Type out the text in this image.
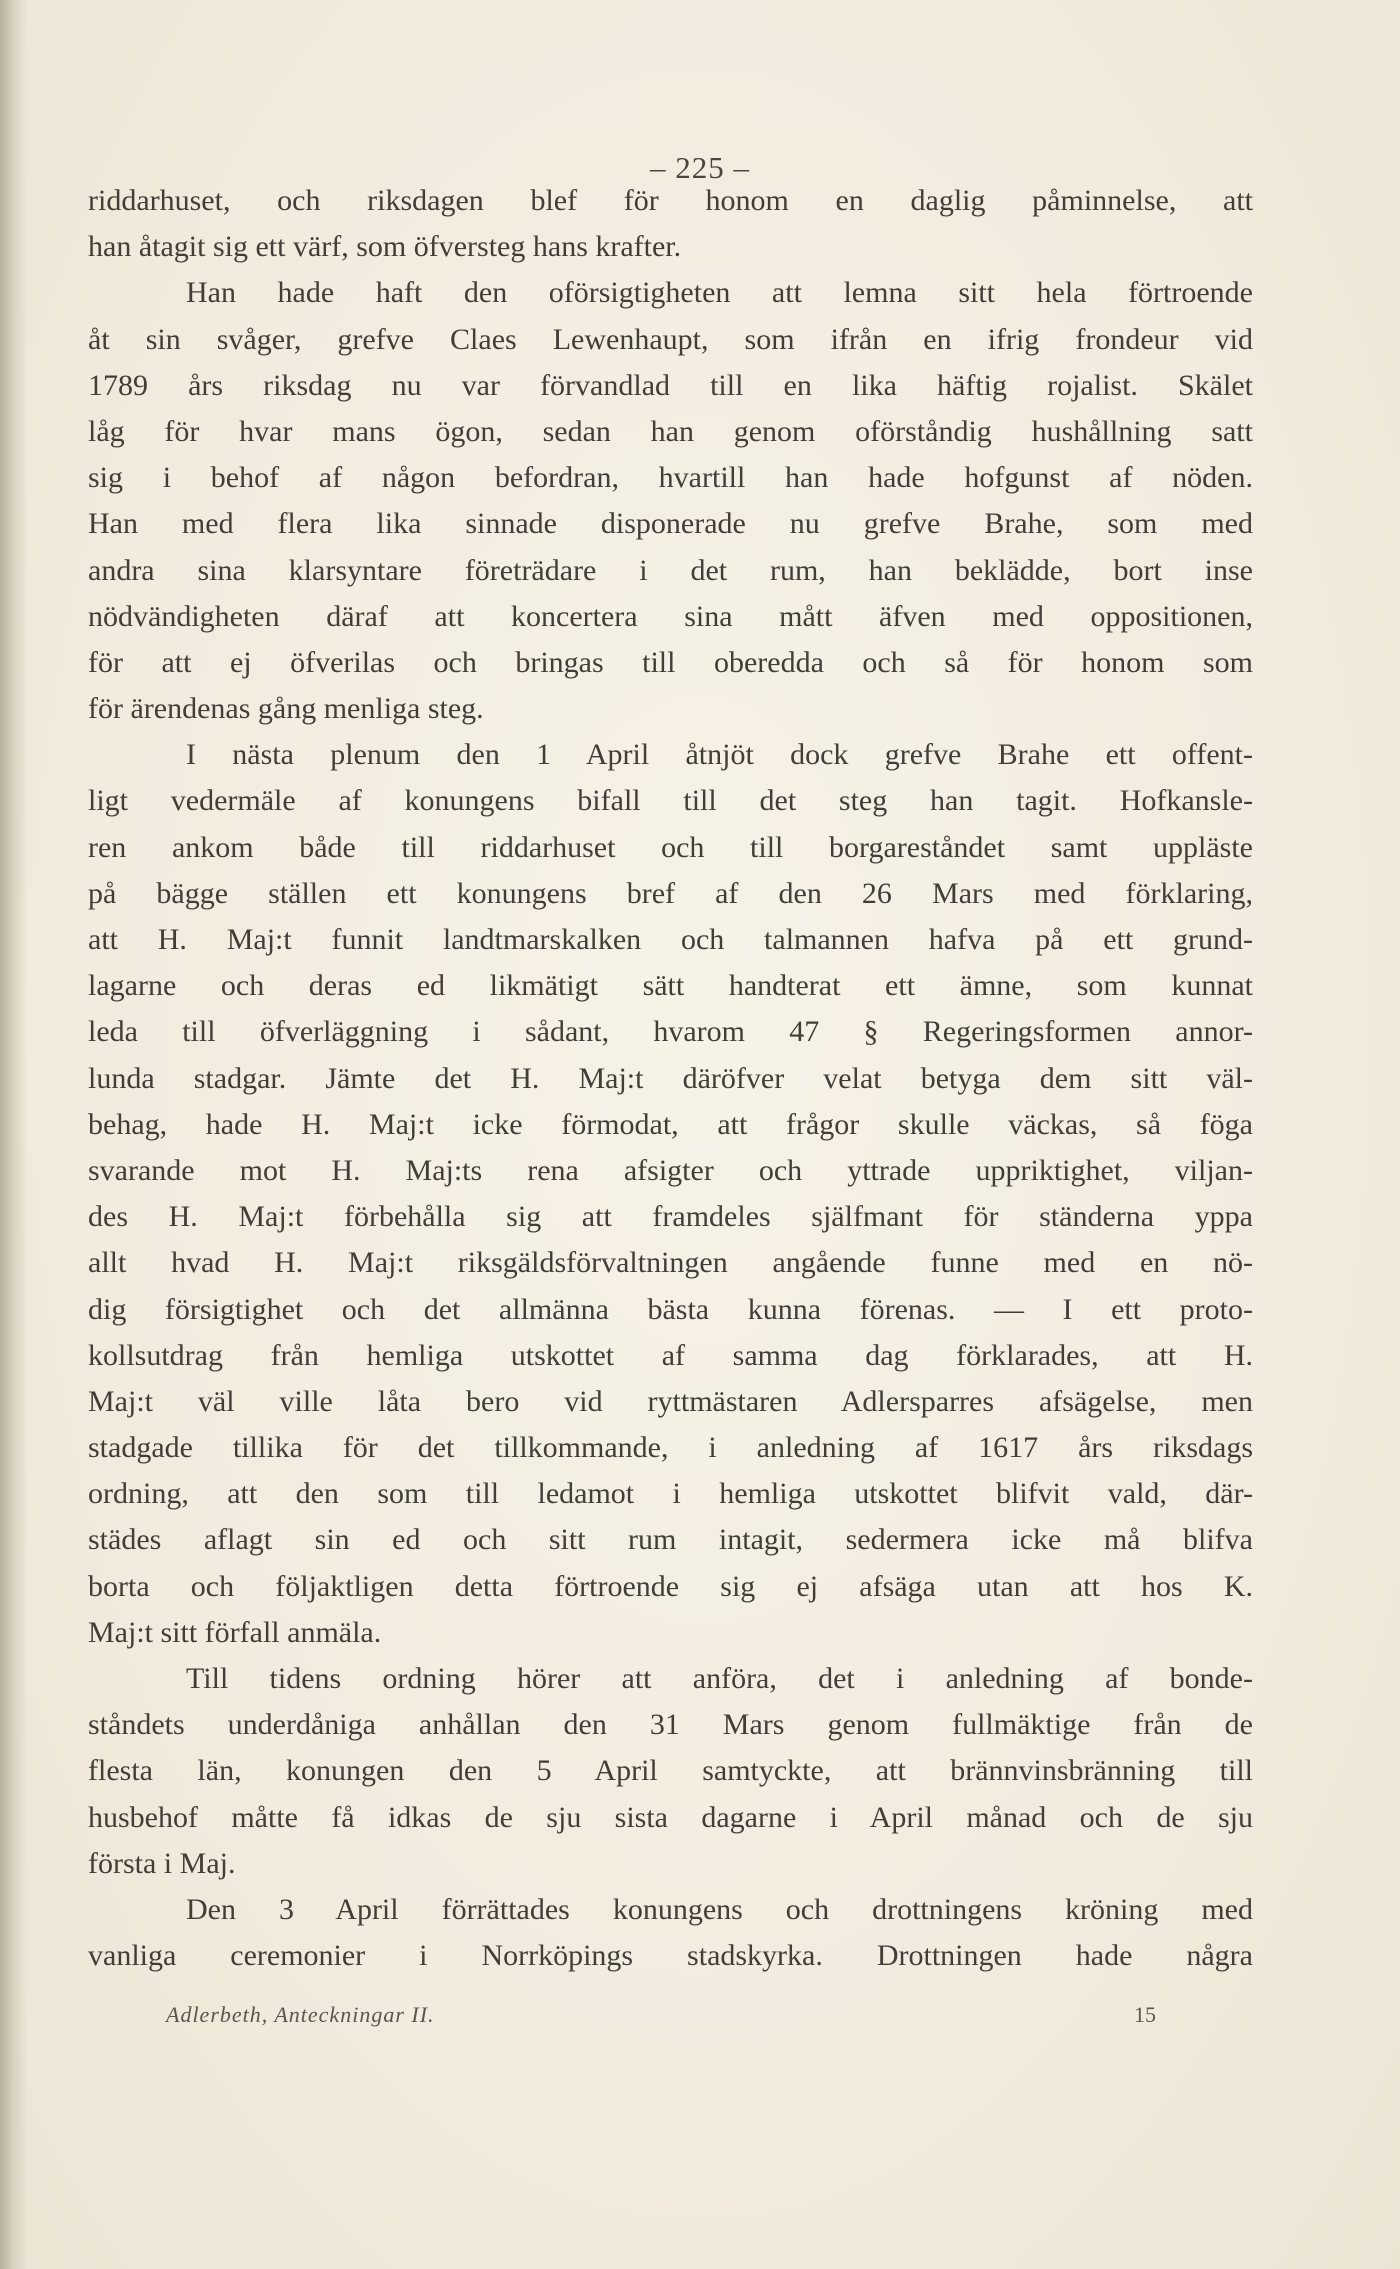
– 225 –
riddarhuset, och riksdagen blef för honom en daglig påminnelse, att
han åtagit sig ett värf, som öfversteg hans krafter.
Han hade haft den oförsigtigheten att lemna sitt hela förtroende
åt sin svåger, grefve Claes Lewenhaupt, som ifrån en ifrig frondeur vid
1789 års riksdag nu var förvandlad till en lika häftig rojalist. Skälet
låg för hvar mans ögon, sedan han genom oförståndig hushållning satt
sig i behof af någon befordran, hvartill han hade hofgunst af nöden.
Han med flera lika sinnade disponerade nu grefve Brahe, som med
andra sina klarsyntare företrädare i det rum, han beklädde, bort inse
nödvändigheten däraf att koncertera sina mått äfven med oppositionen,
för att ej öfverilas och bringas till oberedda och så för honom som
för ärendenas gång menliga steg.
I nästa plenum den 1 April åtnjöt dock grefve Brahe ett offent-
ligt vedermäle af konungens bifall till det steg han tagit. Hofkansle-
ren ankom både till riddarhuset och till borgareståndet samt uppläste
på bägge ställen ett konungens bref af den 26 Mars med förklaring,
att H. Maj:t funnit landtmarskalken och talmannen hafva på ett grund-
lagarne och deras ed likmätigt sätt handterat ett ämne, som kunnat
leda till öfverläggning i sådant, hvarom 47 § Regeringsformen annor-
lunda stadgar. Jämte det H. Maj:t däröfver velat betyga dem sitt väl-
behag, hade H. Maj:t icke förmodat, att frågor skulle väckas, så föga
svarande mot H. Maj:ts rena afsigter och yttrade uppriktighet, viljan-
des H. Maj:t förbehålla sig att framdeles själfmant för ständerna yppa
allt hvad H. Maj:t riksgäldsförvaltningen angående funne med en nö-
dig försigtighet och det allmänna bästa kunna förenas. — I ett proto-
kollsutdrag från hemliga utskottet af samma dag förklarades, att H.
Maj:t väl ville låta bero vid ryttmästaren Adlersparres afsägelse, men
stadgade tillika för det tillkommande, i anledning af 1617 års riksdags
ordning, att den som till ledamot i hemliga utskottet blifvit vald, där-
städes aflagt sin ed och sitt rum intagit, sedermera icke må blifva
borta och följaktligen detta förtroende sig ej afsäga utan att hos K.
Maj:t sitt förfall anmäla.
Till tidens ordning hörer att anföra, det i anledning af bonde-
ståndets underdåniga anhållan den 31 Mars genom fullmäktige från de
flesta län, konungen den 5 April samtyckte, att brännvinsbränning till
husbehof måtte få idkas de sju sista dagarne i April månad och de sju
första i Maj.
Den 3 April förrättades konungens och drottningens kröning med
vanliga ceremonier i Norrköpings stadskyrka. Drottningen hade några
Adlerbeth, Anteckningar II.	15
